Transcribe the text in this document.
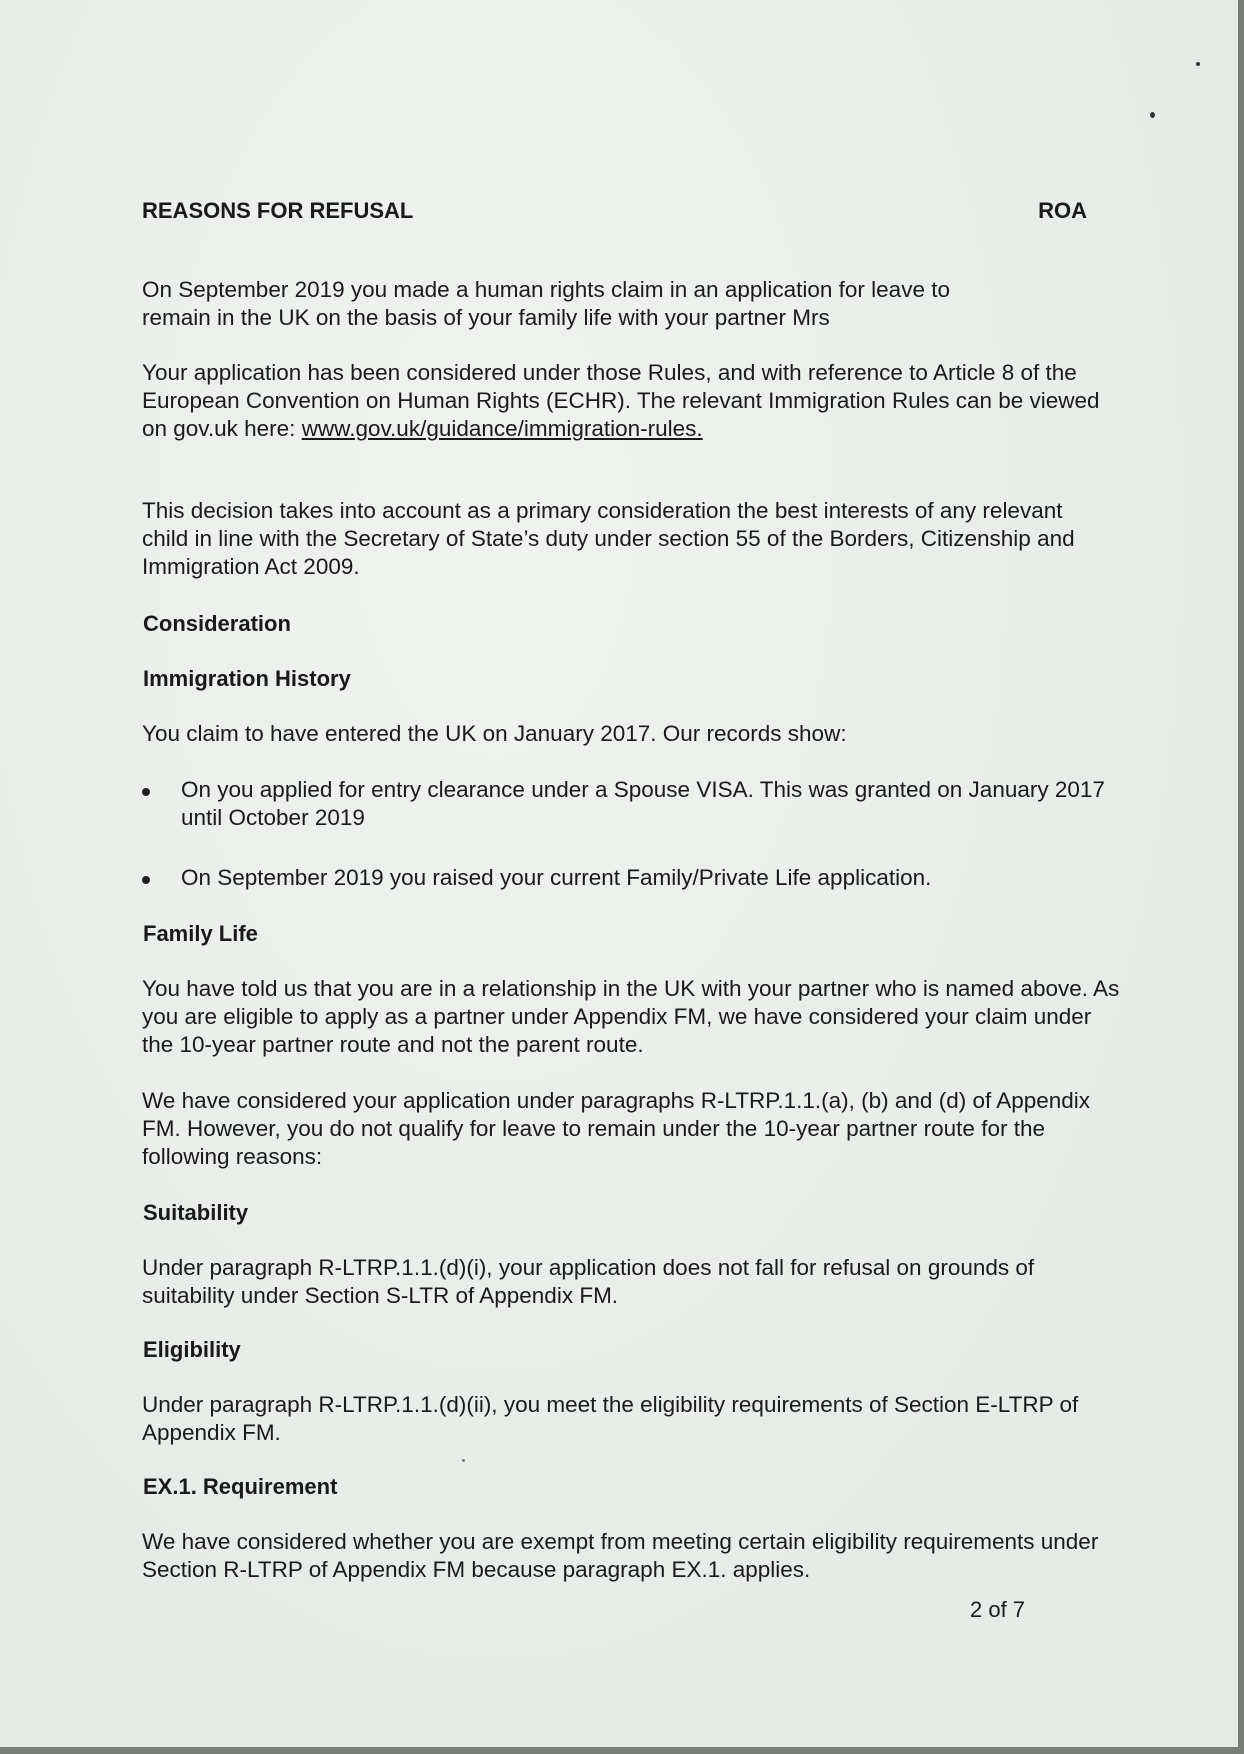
REASONS FOR REFUSAL	ROA

On September 2019 you made a human rights claim in an application for leave to

remain in the UK on the basis of your family life with your partner Mrs

Your application has been considered under those Rules, and with reference to Article 8 of the European Convention on Human Rights (ECHR). The relevant Immigration Rules can be viewed on gov.uk here: www.gov.uk/guidance/immigration-rules.

This decision takes into account as a primary consideration the best interests of any relevant child in line with the Secretary of State’s duty under section 55 of the Borders, Citizenship and Immigration Act 2009.

Consideration
Immigration History

You claim to have entered the UK on January 2017. Our records show:

On you applied for entry clearance under a Spouse VISA. This was granted on January 2017 until October 2019
On September 2019 you raised your current Family/Private Life application.
Family Life

You have told us that you are in a relationship in the UK with your partner who is named above. As you are eligible to apply as a partner under Appendix FM, we have considered your claim under the 10-year partner route and not the parent route.

We have considered your application under paragraphs R-LTRP.1.1.(a), (b) and (d) of Appendix FM. However, you do not qualify for leave to remain under the 10-year partner route for the following reasons:

Suitability

Under paragraph R-LTRP.1.1.(d)(i), your application does not fall for refusal on grounds of suitability under Section S-LTR of Appendix FM.

Eligibility

Under paragraph R-LTRP.1.1.(d)(ii), you meet the eligibility requirements of Section E-LTRP of Appendix FM.

EX.1. Requirement

We have considered whether you are exempt from meeting certain eligibility requirements under Section R-LTRP of Appendix FM because paragraph EX.1. applies.

2 of 7
